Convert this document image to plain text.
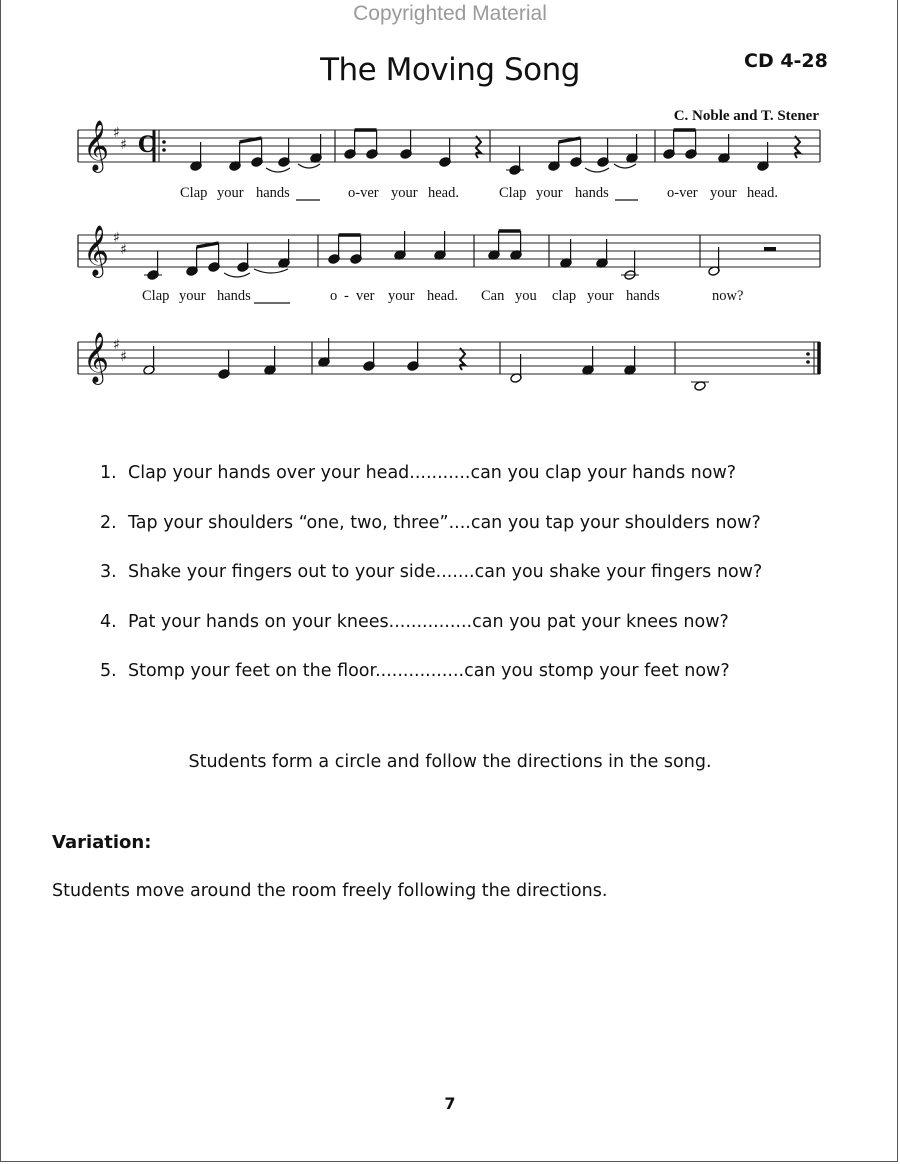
Copyrighted Material
The Moving Song	CD 4-28
C. Noble and T. Stener
𝄞 ♯
♯ C
𝄞 ♯
♯
𝄞 ♯
♯
Clap your hands	o-ver your head.	Clap your hands	o-ver your head.
Clap your hands	o - ver your head. Can you clap your hands	now?
1. Clap your hands over your head...........can you clap your hands now?
2. Tap your shoulders “one, two, three”....can you tap your shoulders now?
3. Shake your fingers out to your side.......can you shake your fingers now?
4. Pat your hands on your knees...............can you pat your knees now?
5. Stomp your feet on the floor................can you stomp your feet now?
Students form a circle and follow the directions in the song.
Variation:
Students move around the room freely following the directions.
7
